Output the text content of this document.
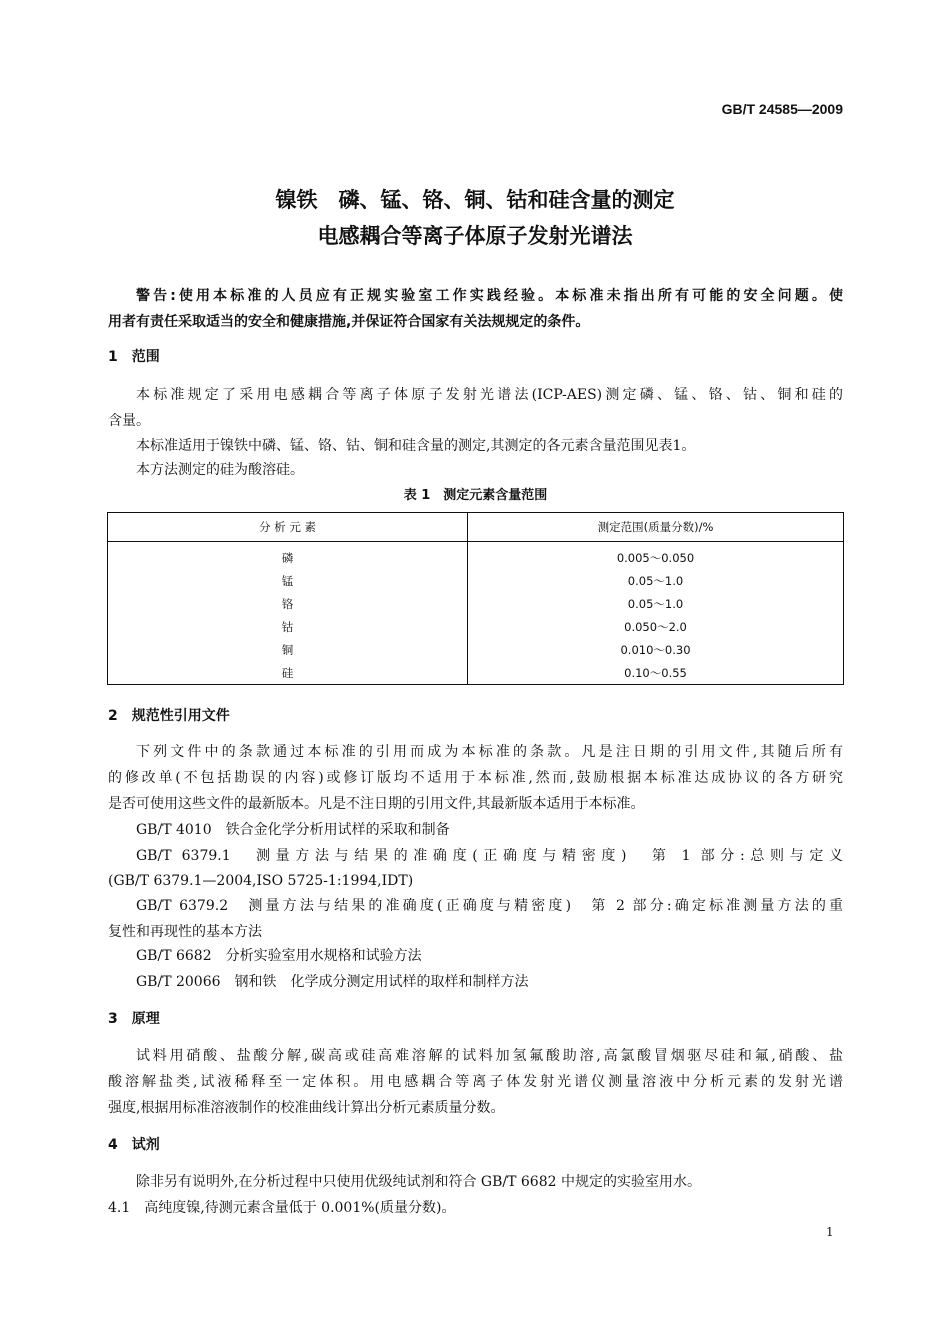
GB/T 24585—2009
镍铁　磷、锰、铬、铜、钴和硅含量的测定
电感耦合等离子体原子发射光谱法
警告:使用本标准的人员应有正规实验室工作实践经验。本标准未指出所有可能的安全问题。使
用者有责任采取适当的安全和健康措施,并保证符合国家有关法规规定的条件。
1　范围
本标准规定了采用电感耦合等离子体原子发射光谱法(ICP-AES)测定磷、锰、铬、钴、铜和硅的
含量。
本标准适用于镍铁中磷、锰、铬、钴、铜和硅含量的测定,其测定的各元素含量范围见表1。
本方法测定的硅为酸溶硅。
表 1　测定元素含量范围
分 析 元 素	测定范围(质量分数)/%
磷	0.005～0.050
锰	0.05～1.0
铬	0.05～1.0
钴	0.050～2.0
铜	0.010～0.30
硅	0.10～0.55
2　规范性引用文件
下列文件中的条款通过本标准的引用而成为本标准的条款。凡是注日期的引用文件,其随后所有
的修改单(不包括勘误的内容)或修订版均不适用于本标准,然而,鼓励根据本标准达成协议的各方研究
是否可使用这些文件的最新版本。凡是不注日期的引用文件,其最新版本适用于本标准。
GB/T 4010　铁合金化学分析用试样的采取和制备
GB/T 6379.1　测量方法与结果的准确度(正确度与精密度)　第 1 部分:总则与定义
(GB/T 6379.1—2004,ISO 5725-1:1994,IDT)
GB/T 6379.2　测量方法与结果的准确度(正确度与精密度)　第 2 部分:确定标准测量方法的重
复性和再现性的基本方法
GB/T 6682　分析实验室用水规格和试验方法
GB/T 20066　钢和铁　化学成分测定用试样的取样和制样方法
3　原理
试料用硝酸、盐酸分解,碳高或硅高难溶解的试料加氢氟酸助溶,高氯酸冒烟驱尽硅和氟,硝酸、盐
酸溶解盐类,试液稀释至一定体积。用电感耦合等离子体发射光谱仪测量溶液中分析元素的发射光谱
强度,根据用标准溶液制作的校准曲线计算出分析元素质量分数。
4　试剂
除非另有说明外,在分析过程中只使用优级纯试剂和符合 GB/T 6682 中规定的实验室用水。
4.1　高纯度镍,待测元素含量低于 0.001%(质量分数)。
1
